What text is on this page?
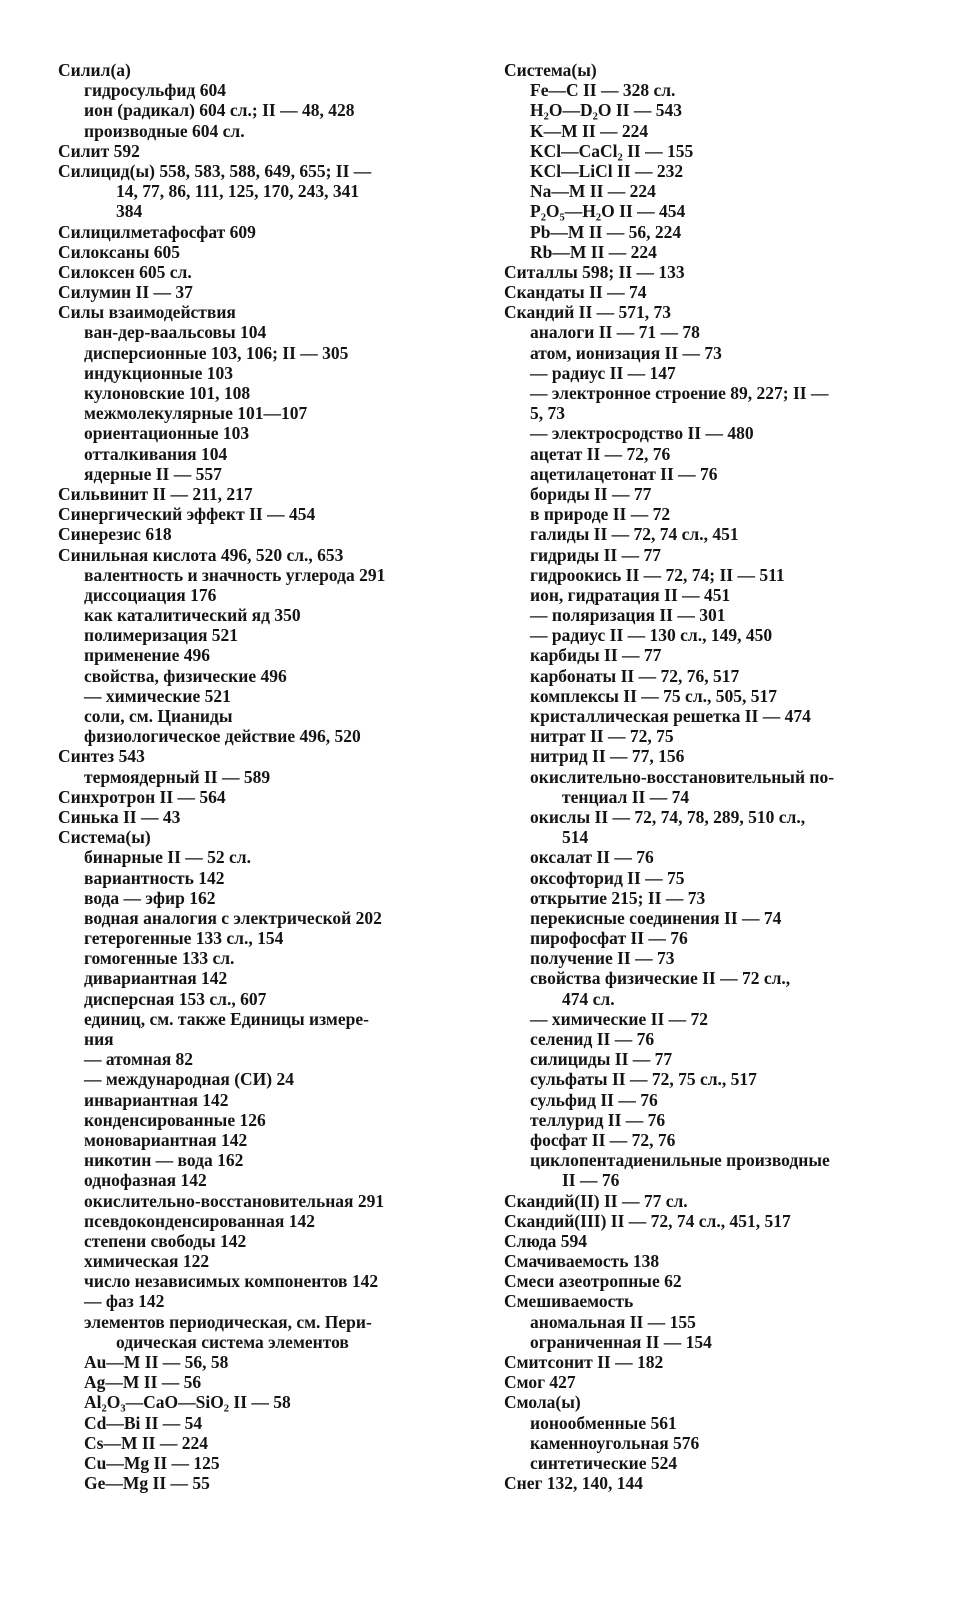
Силил(а)
гидросульфид 604
ион (радикал) 604 сл.; II — 48, 428
производные 604 сл.
Силит 592
Силицид(ы) 558, 583, 588, 649, 655; II —
14, 77, 86, 111, 125, 170, 243, 341
384
Силицилметафосфат 609
Силоксаны 605
Силоксен 605 сл.
Силумин II — 37
Силы взаимодействия
ван-дер-ваальсовы 104
дисперсионные 103, 106; II — 305
индукционные 103
кулоновские 101, 108
межмолекулярные 101—107
ориентационные 103
отталкивания 104
ядерные II — 557
Сильвинит II — 211, 217
Синергический эффект II — 454
Синерезис 618
Синильная кислота 496, 520 сл., 653
валентность и значность углерода 291
диссоциация 176
как каталитический яд 350
полимеризация 521
применение 496
свойства, физические 496
— химические 521
соли, см. Цианиды
физиологическое действие 496, 520
Синтез 543
термоядерный II — 589
Синхротрон II — 564
Синька II — 43
Система(ы)
бинарные II — 52 сл.
вариантность 142
вода — эфир 162
водная аналогия с электрической 202
гетерогенные 133 сл., 154
гомогенные 133 сл.
дивариантная 142
дисперсная 153 сл., 607
единиц, см. также Единицы измере-
ния
— атомная 82
— международная (СИ) 24
инвариантная 142
конденсированные 126
моновариантная 142
никотин — вода 162
однофазная 142
окислительно-восстановительная 291
псевдоконденсированная 142
степени свободы 142
химическая 122
число независимых компонентов 142
— фаз 142
элементов периодическая, см. Пери-
одическая система элементов
Au—M II — 56, 58
Ag—M II — 56
Al₂O₃—CaO—SiO₂ II — 58
Cd—Bi II — 54
Cs—M II — 224
Cu—Mg II — 125
Ge—Mg II — 55
Система(ы)
Fe—C II — 328 сл.
H₂O—D₂O II — 543
K—M II — 224
KCl—CaCl₂ II — 155
KCl—LiCl II — 232
Na—M II — 224
P₂O₅—H₂O II — 454
Pb—M II — 56, 224
Rb—M II — 224
Ситаллы 598; II — 133
Скандаты II — 74
Скандий II — 571, 73
аналоги II — 71 — 78
атом, ионизация II — 73
— радиус II — 147
— электронное строение 89, 227; II —
5, 73
— электросродство II — 480
ацетат II — 72, 76
ацетилацетонат II — 76
бориды II — 77
в природе II — 72
галиды II — 72, 74 сл., 451
гидриды II — 77
гидроокись II — 72, 74; II — 511
ион, гидратация II — 451
— поляризация II — 301
— радиус II — 130 сл., 149, 450
карбиды II — 77
карбонаты II — 72, 76, 517
комплексы II — 75 сл., 505, 517
кристаллическая решетка II — 474
нитрат II — 72, 75
нитрид II — 77, 156
окислительно-восстановительный по-
тенциал II — 74
окислы II — 72, 74, 78, 289, 510 сл.,
514
оксалат II — 76
оксофторид II — 75
открытие 215; II — 73
перекисные соединения II — 74
пирофосфат II — 76
получение II — 73
свойства физические II — 72 сл.,
474 сл.
— химические II — 72
селенид II — 76
силициды II — 77
сульфаты II — 72, 75 сл., 517
сульфид II — 76
теллурид II — 76
фосфат II — 72, 76
циклопентадиенильные производные
II — 76
Скандий(II) II — 77 сл.
Скандий(III) II — 72, 74 сл., 451, 517
Слюда 594
Смачиваемость 138
Смеси азеотропные 62
Смешиваемость
аномальная II — 155
ограниченная II — 154
Смитсонит II — 182
Смог 427
Смола(ы)
ионообменные 561
каменноугольная 576
синтетические 524
Снег 132, 140, 144
